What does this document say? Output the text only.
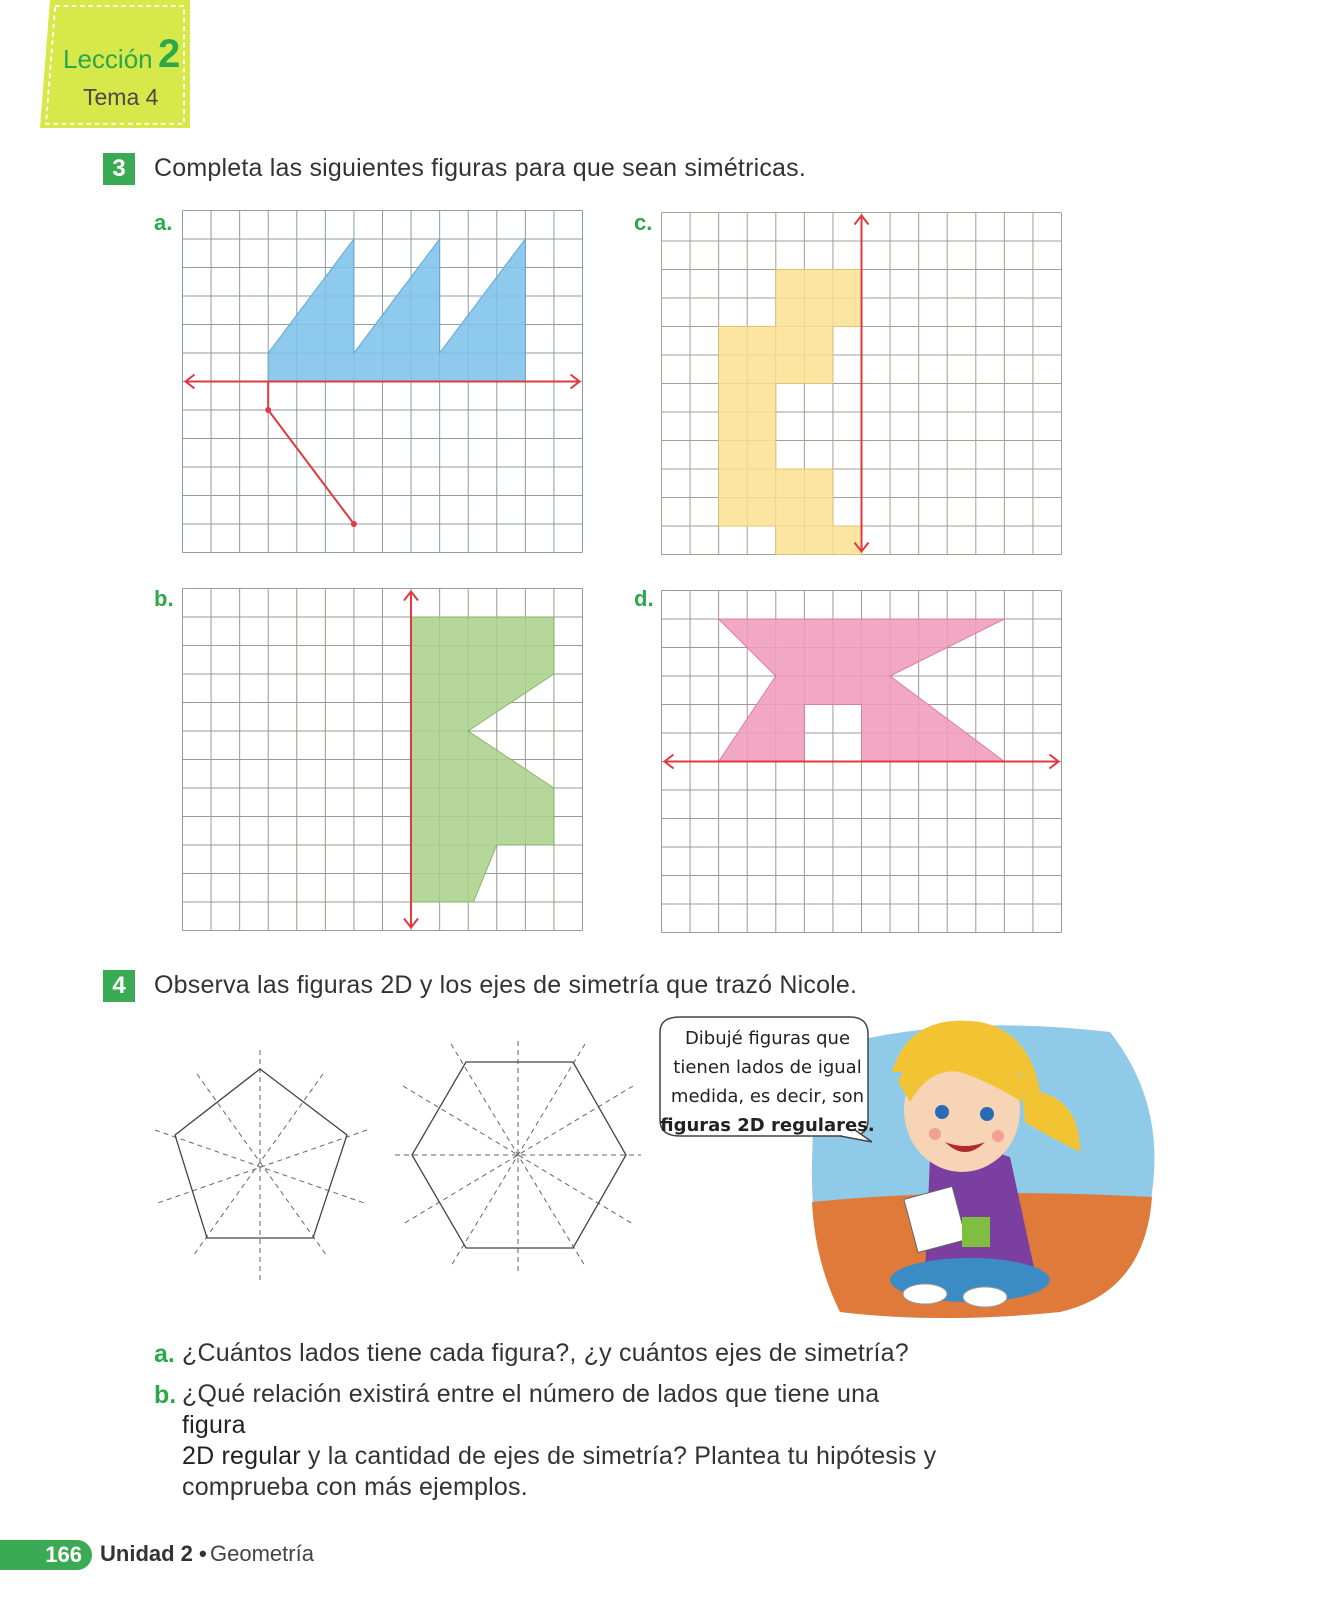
Lección 2
Tema 4
3	Completa las siguientes figuras para que sean simétricas.
a.	c.
b.	d.
4	Observa las figuras 2D y los ejes de simetría que trazó Nicole.
Dibujé figuras que
tienen lados de igual
medida, es decir, son
figuras 2D regulares.
a. ¿Cuántos lados tiene cada figura?, ¿y cuántos ejes de simetría?
b. ¿Qué relación existirá entre el número de lados que tiene una figura
2D regular y la cantidad de ejes de simetría? Plantea tu hipótesis y
comprueba con más ejemplos.
166 Unidad 2 • Geometría
